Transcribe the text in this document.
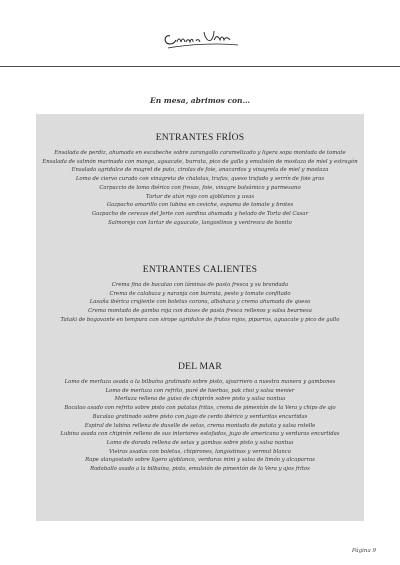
En mesa, abrimos con…
ENTRANTES FRÍOS
Ensalada de perdiz, ahumada en escabeche sobre zarangollo caramelizado y ligera sopa montada de tomate
Ensalada de salmón marinado con mango, aguacate, burrata, pico de gallo y emulsión de mostaza de miel y estragón
Ensalada agridulce de magret de pato, cirolas de foie, anacardos y vinagreta de miel y mostaza
Lomo de ciervo curado con vinagreta de chalotas, trufas, queso trufado y serrín de foie gras
Carpaccio de lomo ibérico con fresas, foie, vinagre balsámico y parmesano
Tartar de atún rojo con ajoblanco y uvas
Gazpacho amarillo con lubina en ceviche, espuma de tomate y brotes
Gazpacho de cerezas del Jerte con sardina ahumada y helado de Torta del Casar
Salmorejo con tartar de aguacate, langostinos y ventresca de bonito
ENTRANTES CALIENTES
Crema fina de bacalao con láminas de pasta fresca y su brandada
Crema de calabaza y naranja con burrata, pesto y tomate confitado
Lasaña ibérica crujiente con boletus corona, albahaca y crema ahumada de queso
Crema montada de gamba roja con duxes de pasta fresca rellenos y salsa bearnesa
Tataki de bogavante en tempura con sirope agridulce de frutos rojos, piparras, aguacate y pico de gallo
DEL MAR
Lomo de merluza asada a la bilbaína gratinado sobre pisto, ajoarriero a nuestra manera y gambones
Lomo de merluza con refrito, puré de hierbas, pak choi y salsa menier
Merluza rellena de guiso de chipirón sobre pisto y salsa nantua
Bacalao asado con refrito sobre pisto con patatas fritas, crema de pimentón de la Vera y chips de ajo
Bacalao gratinado sobre pisto con jugo de cerdo ibérico y verduritas encurtidas
Espiral de lubina rellena de duxelle de setas, crema montada de patata y salsa rotelle
Lubina asada con chipirón relleno de sus interiores estofados, jugo de americana y verduras encurtidas
Lomo de dorada rellena de setas y gambas sobre pisto y salsa nantua
Vieiras asadas con boletus, chipirones, langostinos y vermut blanco
Rape alangostado sobre ligero ajoblanco, verduras mini y salsa de limón y alcaparras
Rodaballo asado a la bilbaína, pisto, emulsión de pimentón de la Vera y ajos fritos
Página 9
